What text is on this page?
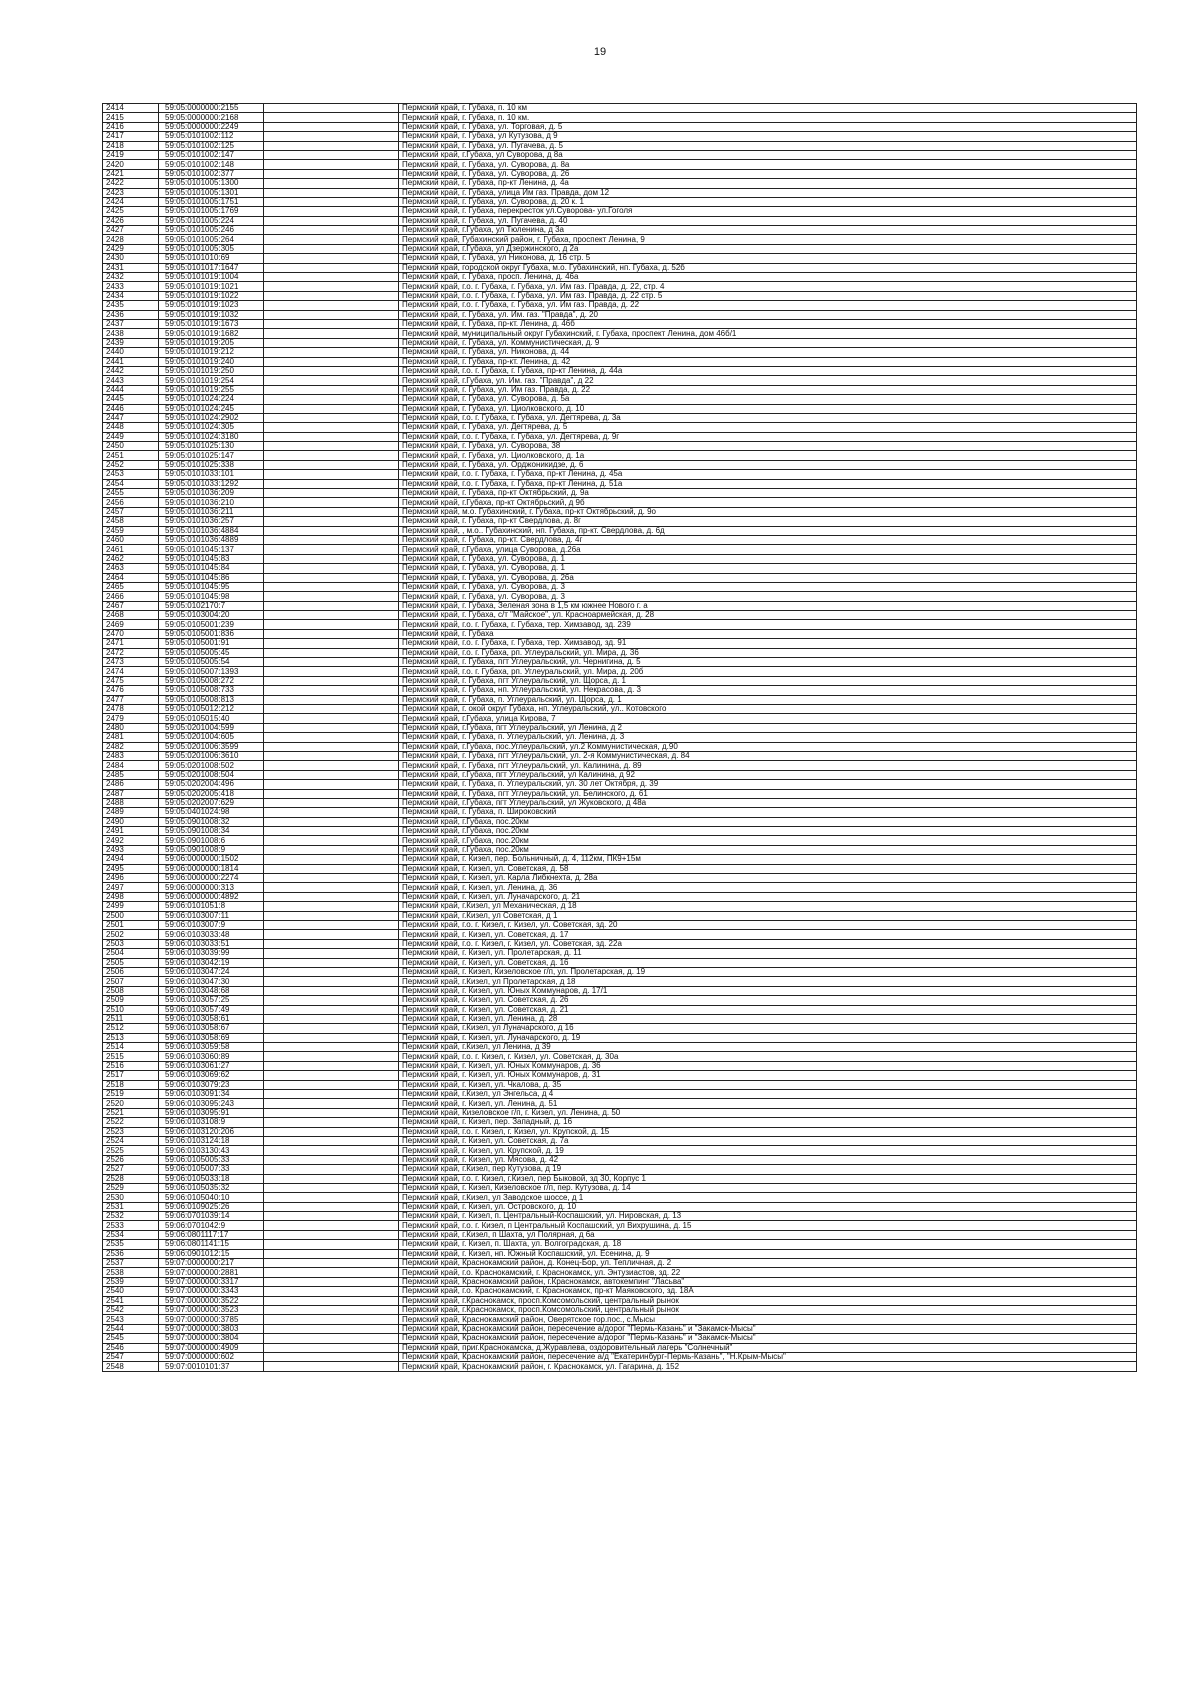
19
2414	59:05:0000000:2155		Пермский край, г. Губаха, п. 10 км
2415	59:05:0000000:2168		Пермский край, г. Губаха, п. 10 км.
2416	59:05:0000000:2249		Пермский край, г. Губаха, ул. Торговая, д. 5
2417	59:05:0101002:112		Пермский край, г. Губаха, ул Кутузова, д 9
2418	59:05:0101002:125		Пермский край, г. Губаха, ул. Пугачева, д. 5
2419	59:05:0101002:147		Пермский край, г.Губаха, ул Суворова, д 8а
2420	59:05:0101002:148		Пермский край, г. Губаха, ул. Суворова, д. 8а
2421	59:05:0101002:377		Пермский край, г. Губаха, ул. Суворова, д. 26
2422	59:05:0101005:1300		Пермский край, г. Губаха, пр-кт Ленина, д. 4а
2423	59:05:0101005:1301		Пермский край, г. Губаха, улица Им газ. Правда, дом 12
2424	59:05:0101005:1751		Пермский край, г. Губаха, ул. Суворова, д. 20 к. 1
2425	59:05:0101005:1769		Пермский край, г. Губаха, перекресток ул.Суворова- ул.Гоголя
2426	59:05:0101005:224		Пермский край, г. Губаха, ул. Пугачева, д. 40
2427	59:05:0101005:246		Пермский край, г.Губаха, ул Тюленина, д 3а
2428	59:05:0101005:264		Пермский край, Губахинский район, г. Губаха, проспект Ленина, 9
2429	59:05:0101005:305		Пермский край, г.Губаха, ул Дзержинского, д 2а
2430	59:05:0101010:69		Пермский край, г. Губаха, ул Никонова, д. 16 стр. 5
2431	59:05:0101017:1647		Пермский край, городской округ Губаха, м.о. Губахинский, нп. Губаха, д. 52б
2432	59:05:0101019:1004		Пермский край, г. Губаха, просп. Ленина, д. 46а
2433	59:05:0101019:1021		Пермский край, г.о. г. Губаха, г. Губаха, ул. Им газ. Правда, д. 22, стр. 4
2434	59:05:0101019:1022		Пермский край, г.о. г. Губаха, г. Губаха, ул. Им газ. Правда, д. 22 стр. 5
2435	59:05:0101019:1023		Пермский край, г.о. г. Губаха, г. Губаха, ул. Им газ. Правда, д. 22
2436	59:05:0101019:1032		Пермский край, г. Губаха, ул. Им. газ. "Правда", д. 20
2437	59:05:0101019:1673		Пермский край, г. Губаха, пр-кт. Ленина, д. 46б
2438	59:05:0101019:1682		Пермский край, муниципальный округ Губахинский, г. Губаха, проспект Ленина, дом 46б/1
2439	59:05:0101019:205		Пермский край, г. Губаха, ул. Коммунистическая, д. 9
2440	59:05:0101019:212		Пермский край, г. Губаха, ул. Никонова, д. 44
2441	59:05:0101019:240		Пермский край, г. Губаха, пр-кт. Ленина, д. 42
2442	59:05:0101019:250		Пермский край, г.о. г. Губаха, г. Губаха, пр-кт Ленина, д. 44а
2443	59:05:0101019:254		Пермский край, г.Губаха, ул. Им. газ. "Правда", д 22
2444	59:05:0101019:255		Пермский край, г. Губаха, ул. Им газ. Правда, д. 22
2445	59:05:0101024:224		Пермский край, г. Губаха, ул. Суворова, д. 5а
2446	59:05:0101024:245		Пермский край, г. Губаха, ул. Циолковского, д. 10
2447	59:05:0101024:2902		Пермский край, г.о. г. Губаха, г. Губаха, ул. Дегтярева, д. 3а
2448	59:05:0101024:305		Пермский край, г. Губаха, ул. Дегтярева, д. 5
2449	59:05:0101024:3180		Пермский край, г.о. г. Губаха, г. Губаха, ул. Дегтярева, д. 9г
2450	59:05:0101025:130		Пермский край, г. Губаха, ул. Суворова, 38
2451	59:05:0101025:147		Пермский край, г. Губаха, ул. Циолковского, д. 1а
2452	59:05:0101025:338		Пермский край, г. Губаха, ул. Орджоникидзе, д. 6
2453	59:05:0101033:101		Пермский край, г.о. г. Губаха, г. Губаха, пр-кт Ленина, д. 45а
2454	59:05:0101033:1292		Пермский край, г.о. г. Губаха, г. Губаха, пр-кт Ленина, д. 51а
2455	59:05:0101036:209		Пермский край, г. Губаха, пр-кт Октябрьский, д. 9а
2456	59:05:0101036:210		Пермский край, г.Губаха, пр-кт Октябрьский, д 9б
2457	59:05:0101036:211		Пермский край, м.о. Губахинский, г. Губаха, пр-кт Октябрьский, д. 9о
2458	59:05:0101036:257		Пермский край, г. Губаха, пр-кт Свердлова, д. 8г
2459	59:05:0101036:4884		Пермский край, , м.о.. Губахинский, нп. Губаха, пр-кт. Свердлова, д. 6д
2460	59:05:0101036:4889		Пермский край, г. Губаха, пр-кт. Свердлова, д. 4г
2461	59:05:0101045:137		Пермский край, г.Губаха, улица Суворова, д.26а
2462	59:05:0101045:83		Пермский край, г. Губаха, ул. Суворова, д. 1
2463	59:05:0101045:84		Пермский край, г. Губаха, ул. Суворова, д. 1
2464	59:05:0101045:86		Пермский край, г. Губаха, ул. Суворова, д. 26а
2465	59:05:0101045:95		Пермский край, г. Губаха, ул. Суворова, д. 3
2466	59:05:0101045:98		Пермский край, г. Губаха, ул. Суворова, д. 3
2467	59:05:0102170:7		Пермский край, г. Губаха, Зеленая зона в 1,5 км южнее Нового г. а
2468	59:05:0103004:20		Пермский край, г. Губаха, с/т "Майское", ул. Красноармейская, д. 28
2469	59:05:0105001:239		Пермский край, г.о. г. Губаха, г. Губаха, тер. Химзавод, зд. 239
2470	59:05:0105001:836		Пермский край, г. Губаха
2471	59:05:0105001:91		Пермский край, г.о. г. Губаха, г. Губаха, тер. Химзавод, зд. 91
2472	59:05:0105005:45		Пермский край, г.о. г. Губаха, рп. Углеуральский, ул. Мира, д. 36
2473	59:05:0105005:54		Пермский край, г. Губаха, пгт Углеуральский, ул. Чернигина, д. 5
2474	59:05:0105007:1393		Пермский край, г.о. г. Губаха, рп. Углеуральский, ул. Мира, д. 20б
2475	59:05:0105008:272		Пермский край, г. Губаха, пгт Углеуральский, ул. Щорса, д. 1
2476	59:05:0105008:733		Пермский край, г. Губаха, нп. Углеуральский, ул. Некрасова, д. 3
2477	59:05:0105008:813		Пермский край, г. Губаха, п. Углеуральский, ул. Щорса, д. 1
2478	59:05:0105012:212		Пермский край, г. окой округ Губаха, нп. Углеуральский, ул.. Котовского
2479	59:05:0105015:40		Пермский край, г.Губаха, улица Кирова, 7
2480	59:05:0201004:599		Пермский край, г.Губаха, пгт Углеуральский, ул Ленина, д 2
2481	59:05:0201004:605		Пермский край, г. Губаха, п. Углеуральский, ул. Ленина, д. 3
2482	59:05:0201006:3599		Пермский край, г.Губаха, пос.Углеуральский, ул.2 Коммунистическая, д.90
2483	59:05:0201006:3610		Пермский край, г. Губаха, пгт Углеуральский, ул. 2-я Коммунистическая, д. 84
2484	59:05:0201008:502		Пермский край, г. Губаха, пгт Углеуральский, ул. Калинина, д. 89
2485	59:05:0201008:504		Пермский край, г.Губаха, пгт Углеуральский, ул Калинина, д 92
2486	59:05:0202004:496		Пермский край, г. Губаха, п. Углеуральский, ул. 30 лет Октября, д. 39
2487	59:05:0202005:418		Пермский край, г. Губаха, пгт Углеуральский, ул. Белинского, д. 61
2488	59:05:0202007:629		Пермский край, г.Губаха, пгт Углеуральский, ул Жуковского, д 48а
2489	59:05:0401024:98		Пермский край, г. Губаха, п. Широковский
2490	59:05:0901008:32		Пермский край, г.Губаха, пос.20км
2491	59:05:0901008:34		Пермский край, г.Губаха, пос.20км
2492	59:05:0901008:6		Пермский край, г.Губаха, пос.20км
2493	59:05:0901008:9		Пермский край, г.Губаха, пос.20км
2494	59:06:0000000:1502		Пермский край, г. Кизел, пер. Больничный, д. 4, 112км, ПК9+15м
2495	59:06:0000000:1814		Пермский край, г. Кизел, ул. Советская, д. 58
2496	59:06:0000000:2274		Пермский край, г. Кизел, ул. Карла Либкнехта, д. 28а
2497	59:06:0000000:313		Пермский край, г. Кизел, ул. Ленина, д. 36
2498	59:06:0000000:4892		Пермский край, г. Кизел, ул. Луначарского, д. 21
2499	59:06:0101051:8		Пермский край, г.Кизел, ул Механическая, д 18
2500	59:06:0103007:11		Пермский край, г.Кизел, ул Советская, д 1
2501	59:06:0103007:9		Пермский край, г.о. г. Кизел, г. Кизел, ул. Советская, зд. 20
2502	59:06:0103033:48		Пермский край, г. Кизел, ул. Советская, д. 17
2503	59:06:0103033:51		Пермский край, г.о. г. Кизел, г. Кизел, ул. Советская, зд. 22а
2504	59:06:0103039:99		Пермский край, г. Кизел, ул. Пролетарская, д. 11
2505	59:06:0103042:19		Пермский край, г. Кизел, ул. Советская, д. 16
2506	59:06:0103047:24		Пермский край, г. Кизел, Кизеловское г/п, ул. Пролетарская, д. 19
2507	59:06:0103047:30		Пермский край, г.Кизел, ул Пролетарская, д 18
2508	59:06:0103048:68		Пермский край, г. Кизел, ул. Юных Коммунаров, д. 17/1
2509	59:06:0103057:25		Пермский край, г. Кизел, ул. Советская, д. 26
2510	59:06:0103057:49		Пермский край, г. Кизел, ул. Советская, д. 21
2511	59:06:0103058:61		Пермский край, г. Кизел, ул. Ленина, д. 28
2512	59:06:0103058:67		Пермский край, г.Кизел, ул Луначарского, д 16
2513	59:06:0103058:69		Пермский край, г. Кизел, ул. Луначарского, д. 19
2514	59:06:0103059:58		Пермский край, г.Кизел, ул Ленина, д 39
2515	59:06:0103060:89		Пермский край, г.о. г. Кизел, г. Кизел, ул. Советская, д. 30а
2516	59:06:0103061:27		Пермский край, г. Кизел, ул. Юных Коммунаров, д. 36
2517	59:06:0103069:62		Пермский край, г. Кизел, ул. Юных Коммунаров, д. 31
2518	59:06:0103079:23		Пермский край, г. Кизел, ул. Чкалова, д. 35
2519	59:06:0103091:34		Пермский край, г.Кизел, ул Энгельса, д 4
2520	59:06:0103095:243		Пермский край, г. Кизел, ул. Ленина, д. 51
2521	59:06:0103095:91		Пермский край, Кизеловское г/п, г. Кизел, ул. Ленина, д. 50
2522	59:06:0103108:9		Пермский край, г. Кизел, пер. Западный, д. 16
2523	59:06:0103120:206		Пермский край, г.о. г. Кизел, г. Кизел, ул. Крупской, д. 15
2524	59:06:0103124:18		Пермский край, г. Кизел, ул. Советская, д. 7а
2525	59:06:0103130:43		Пермский край, г. Кизел, ул. Крупской, д. 19
2526	59:06:0105005:33		Пермский край, г. Кизел, ул. Мясова, д. 42
2527	59:06:0105007:33		Пермский край, г.Кизел, пер Кутузова, д 19
2528	59:06:0105033:18		Пермский край, г.о. г. Кизел, г.Кизел, пер Быковой, зд 30, Корпус 1
2529	59:06:0105035:32		Пермский край, г. Кизел, Кизеловское г/п, пер. Кутузова, д. 14
2530	59:06:0105040:10		Пермский край, г.Кизел, ул Заводское шоссе, д 1
2531	59:06:0109025:26		Пермский край, г. Кизел, ул. Островского, д. 10
2532	59:06:0701039:14		Пермский край, г. Кизел, п. Центральный-Коспашский, ул. Нировская, д. 13
2533	59:06:0701042:9		Пермский край, г.о. г. Кизел, п Центральный Коспашский, ул Вихрушина, д. 15
2534	59:06:0801117:17		Пермский край, г.Кизел, п Шахта, ул Полярная, д 6а
2535	59:06:0801141:15		Пермский край, г. Кизел, п. Шахта, ул. Волгоградская, д. 18
2536	59:06:0901012:15		Пермский край, г. Кизел, нп. Южный Коспашский, ул. Есенина, д. 9
2537	59:07:0000000:217		Пермский край, Краснокамский район, д. Конец-Бор, ул. Тепличная, д. 2
2538	59:07:0000000:2881		Пермский край, г.о. Краснокамский, г. Краснокамск, ул. Энтузиастов, зд. 22
2539	59:07:0000000:3317		Пермский край, Краснокамский район, г.Краснокамск, автокемпинг "Ласьва"
2540	59:07:0000000:3343		Пермский край, г.о. Краснокамский, г. Краснокамск, пр-кт Маяковского, зд. 18А
2541	59:07:0000000:3522		Пермский край, г.Краснокамск, просп.Комсомольский, центральный рынок
2542	59:07:0000000:3523		Пермский край, г.Краснокамск, просп.Комсомольский, центральный рынок
2543	59:07:0000000:3785		Пермский край, Краснокамский район, Оверятское гор.пос., с.Мысы
2544	59:07:0000000:3803		Пермский край, Краснокамский район, пересечение а/дорог "Пермь-Казань" и "Закамск-Мысы"
2545	59:07:0000000:3804		Пермский край, Краснокамский район, пересечение а/дорог "Пермь-Казань" и "Закамск-Мысы"
2546	59:07:0000000:4909		Пермский край, приг.Краснокамска, д.Журавлева, оздоровительный лагерь "Солнечный"
2547	59:07:0000000:602		Пермский край, Краснокамский район, пересечение а/д "Екатеринбург-Пермь-Казань", "Н.Крым-Мысы"
2548	59:07:0010101:37		Пермский край, Краснокамский район, г. Краснокамск, ул. Гагарина, д. 152
